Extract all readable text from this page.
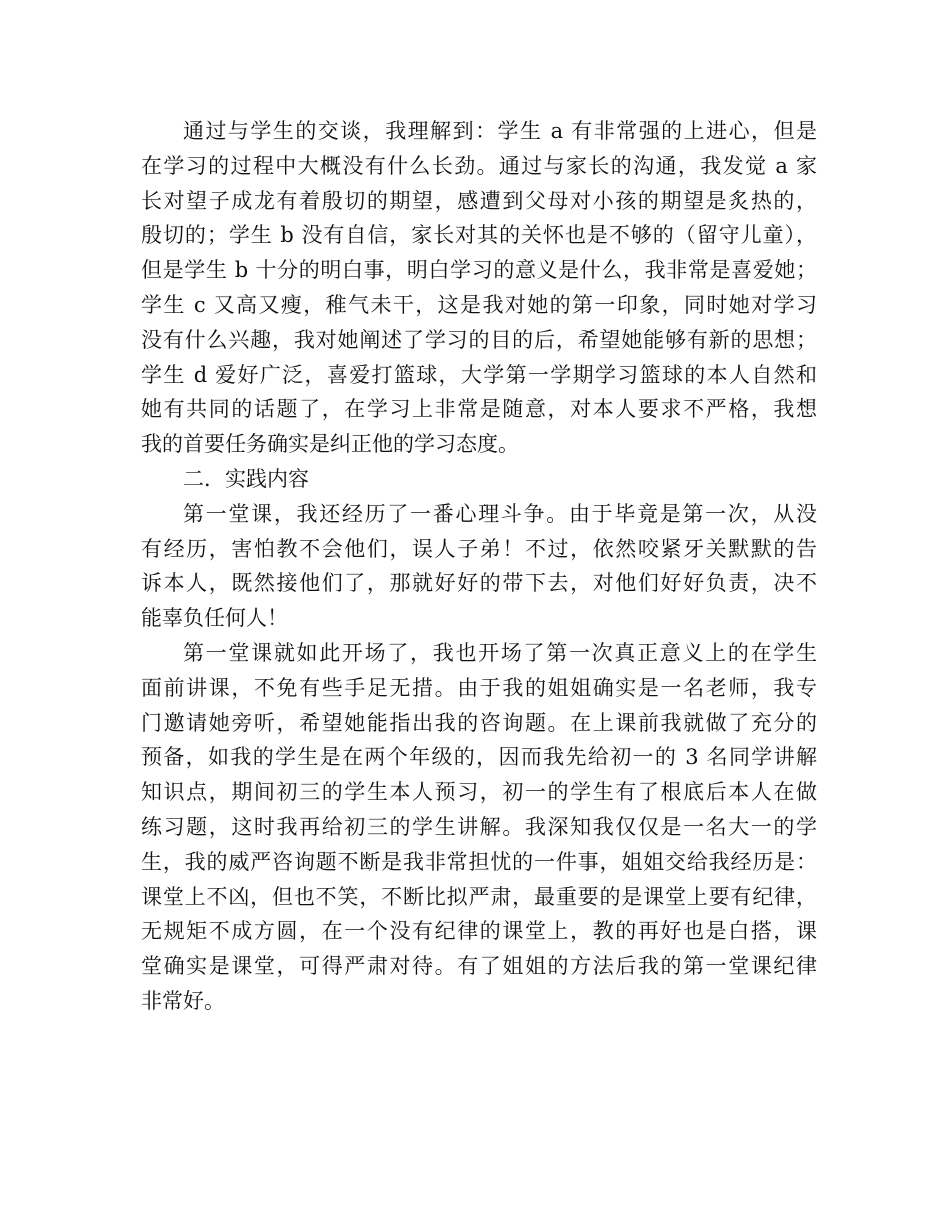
通过与学生的交谈，我理解到：学生 a 有非常强的上进心，但是
在学习的过程中大概没有什么长劲。通过与家长的沟通，我发觉 a 家
长对望子成龙有着殷切的期望，感遭到父母对小孩的期望是炙热的，
殷切的；学生 b 没有自信，家长对其的关怀也是不够的（留守儿童），
但是学生 b 十分的明白事，明白学习的意义是什么，我非常是喜爱她；
学生 c 又高又瘦，稚气未干，这是我对她的第一印象，同时她对学习
没有什么兴趣，我对她阐述了学习的目的后，希望她能够有新的思想；
学生 d 爱好广泛，喜爱打篮球，大学第一学期学习篮球的本人自然和
她有共同的话题了，在学习上非常是随意，对本人要求不严格，我想
我的首要任务确实是纠正他的学习态度。
二．实践内容
第一堂课，我还经历了一番心理斗争。由于毕竟是第一次，从没
有经历，害怕教不会他们，误人子弟！不过，依然咬紧牙关默默的告
诉本人，既然接他们了，那就好好的带下去，对他们好好负责，决不
能辜负任何人！
第一堂课就如此开场了，我也开场了第一次真正意义上的在学生
面前讲课，不免有些手足无措。由于我的姐姐确实是一名老师，我专
门邀请她旁听，希望她能指出我的咨询题。在上课前我就做了充分的
预备，如我的学生是在两个年级的，因而我先给初一的 3 名同学讲解
知识点，期间初三的学生本人预习，初一的学生有了根底后本人在做
练习题，这时我再给初三的学生讲解。我深知我仅仅是一名大一的学
生，我的威严咨询题不断是我非常担忧的一件事，姐姐交给我经历是：
课堂上不凶，但也不笑，不断比拟严肃，最重要的是课堂上要有纪律，
无规矩不成方圆，在一个没有纪律的课堂上，教的再好也是白搭，课
堂确实是课堂，可得严肃对待。有了姐姐的方法后我的第一堂课纪律
非常好。
